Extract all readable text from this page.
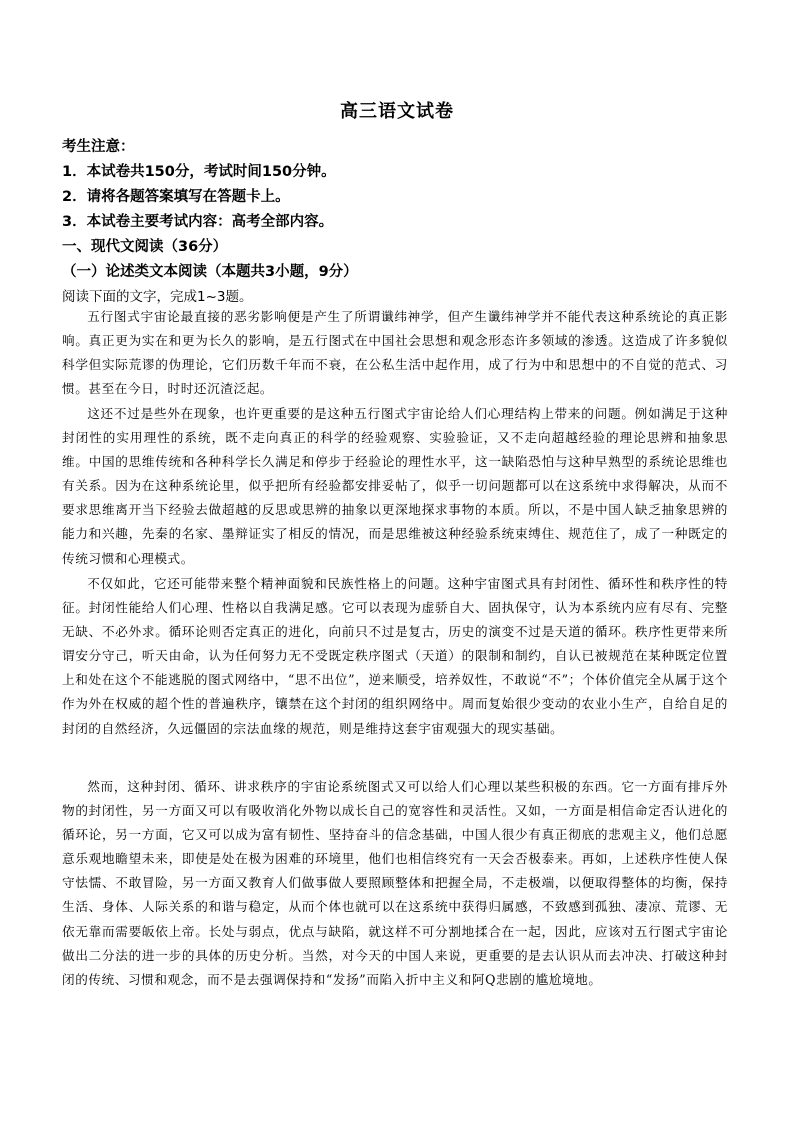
高三语文试卷
考生注意：
1．本试卷共150分，考试时间150分钟。
2．请将各题答案填写在答题卡上。
3．本试卷主要考试内容：高考全部内容。
一、现代文阅读（36分）
（一）论述类文本阅读（本题共3小题，9分）
阅读下面的文字，完成1~3题。

五行图式宇宙论最直接的恶劣影响便是产生了所谓谶纬神学，但产生谶纬神学并不能代表这种系统论的真正影响。真正更为实在和更为长久的影响，是五行图式在中国社会思想和观念形态许多领域的渗透。这造成了许多貌似科学但实际荒谬的伪理论，它们历数千年而不衰，在公私生活中起作用，成了行为中和思想中的不自觉的范式、习惯。甚至在今日，时时还沉渣泛起。

这还不过是些外在现象，也许更重要的是这种五行图式宇宙论给人们心理结构上带来的问题。例如满足于这种封闭性的实用理性的系统，既不走向真正的科学的经验观察、实验验证，又不走向超越经验的理论思辨和抽象思维。中国的思维传统和各种科学长久满足和停步于经验论的理性水平，这一缺陷恐怕与这种早熟型的系统论思维也有关系。因为在这种系统论里，似乎把所有经验都安排妥帖了，似乎一切问题都可以在这系统中求得解决，从而不要求思维离开当下经验去做超越的反思或思辨的抽象以更深地探求事物的本质。所以，不是中国人缺乏抽象思辨的能力和兴趣，先秦的名家、墨辩证实了相反的情况，而是思维被这种经验系统束缚住、规范住了，成了一种既定的传统习惯和心理模式。

不仅如此，它还可能带来整个精神面貌和民族性格上的问题。这种宇宙图式具有封闭性、循环性和秩序性的特征。封闭性能给人们心理、性格以自我满足感。它可以表现为虚骄自大、固执保守，认为本系统内应有尽有、完整无缺、不必外求。循环论则否定真正的进化，向前只不过是复古，历史的演变不过是天道的循环。秩序性更带来所谓安分守己，听天由命，认为任何努力无不受既定秩序图式（天道）的限制和制约，自认已被规范在某种既定位置上和处在这个不能逃脱的图式网络中，“思不出位”，逆来顺受，培养奴性，不敢说“不”；个体价值完全从属于这个作为外在权威的超个性的普遍秩序，镶禁在这个封闭的组织网络中。周而复始很少变动的农业小生产，自给自足的封闭的自然经济，久远僵固的宗法血缘的规范，则是维持这套宇宙观强大的现实基础。

然而，这种封闭、循环、讲求秩序的宇宙论系统图式又可以给人们心理以某些积极的东西。它一方面有排斥外物的封闭性，另一方面又可以有吸收消化外物以成长自己的宽容性和灵活性。又如，一方面是相信命定否认进化的循环论，另一方面，它又可以成为富有韧性、坚持奋斗的信念基础，中国人很少有真正彻底的悲观主义，他们总愿意乐观地瞻望未来，即使是处在极为困难的环境里，他们也相信终究有一天会否极泰来。再如，上述秩序性使人保守怯懦、不敢冒险，另一方面又教育人们做事做人要照顾整体和把握全局，不走极端，以便取得整体的均衡，保持生活、身体、人际关系的和谐与稳定，从而个体也就可以在这系统中获得归属感，不致感到孤独、凄凉、荒谬、无依无靠而需要皈依上帝。长处与弱点，优点与缺陷，就这样不可分割地揉合在一起，因此，应该对五行图式宇宙论做出二分法的进一步的具体的历史分析。当然，对今天的中国人来说，更重要的是去认识从而去冲决、打破这种封闭的传统、习惯和观念，而不是去强调保持和“发扬”而陷入折中主义和阿Q悲剧的尴尬境地。
